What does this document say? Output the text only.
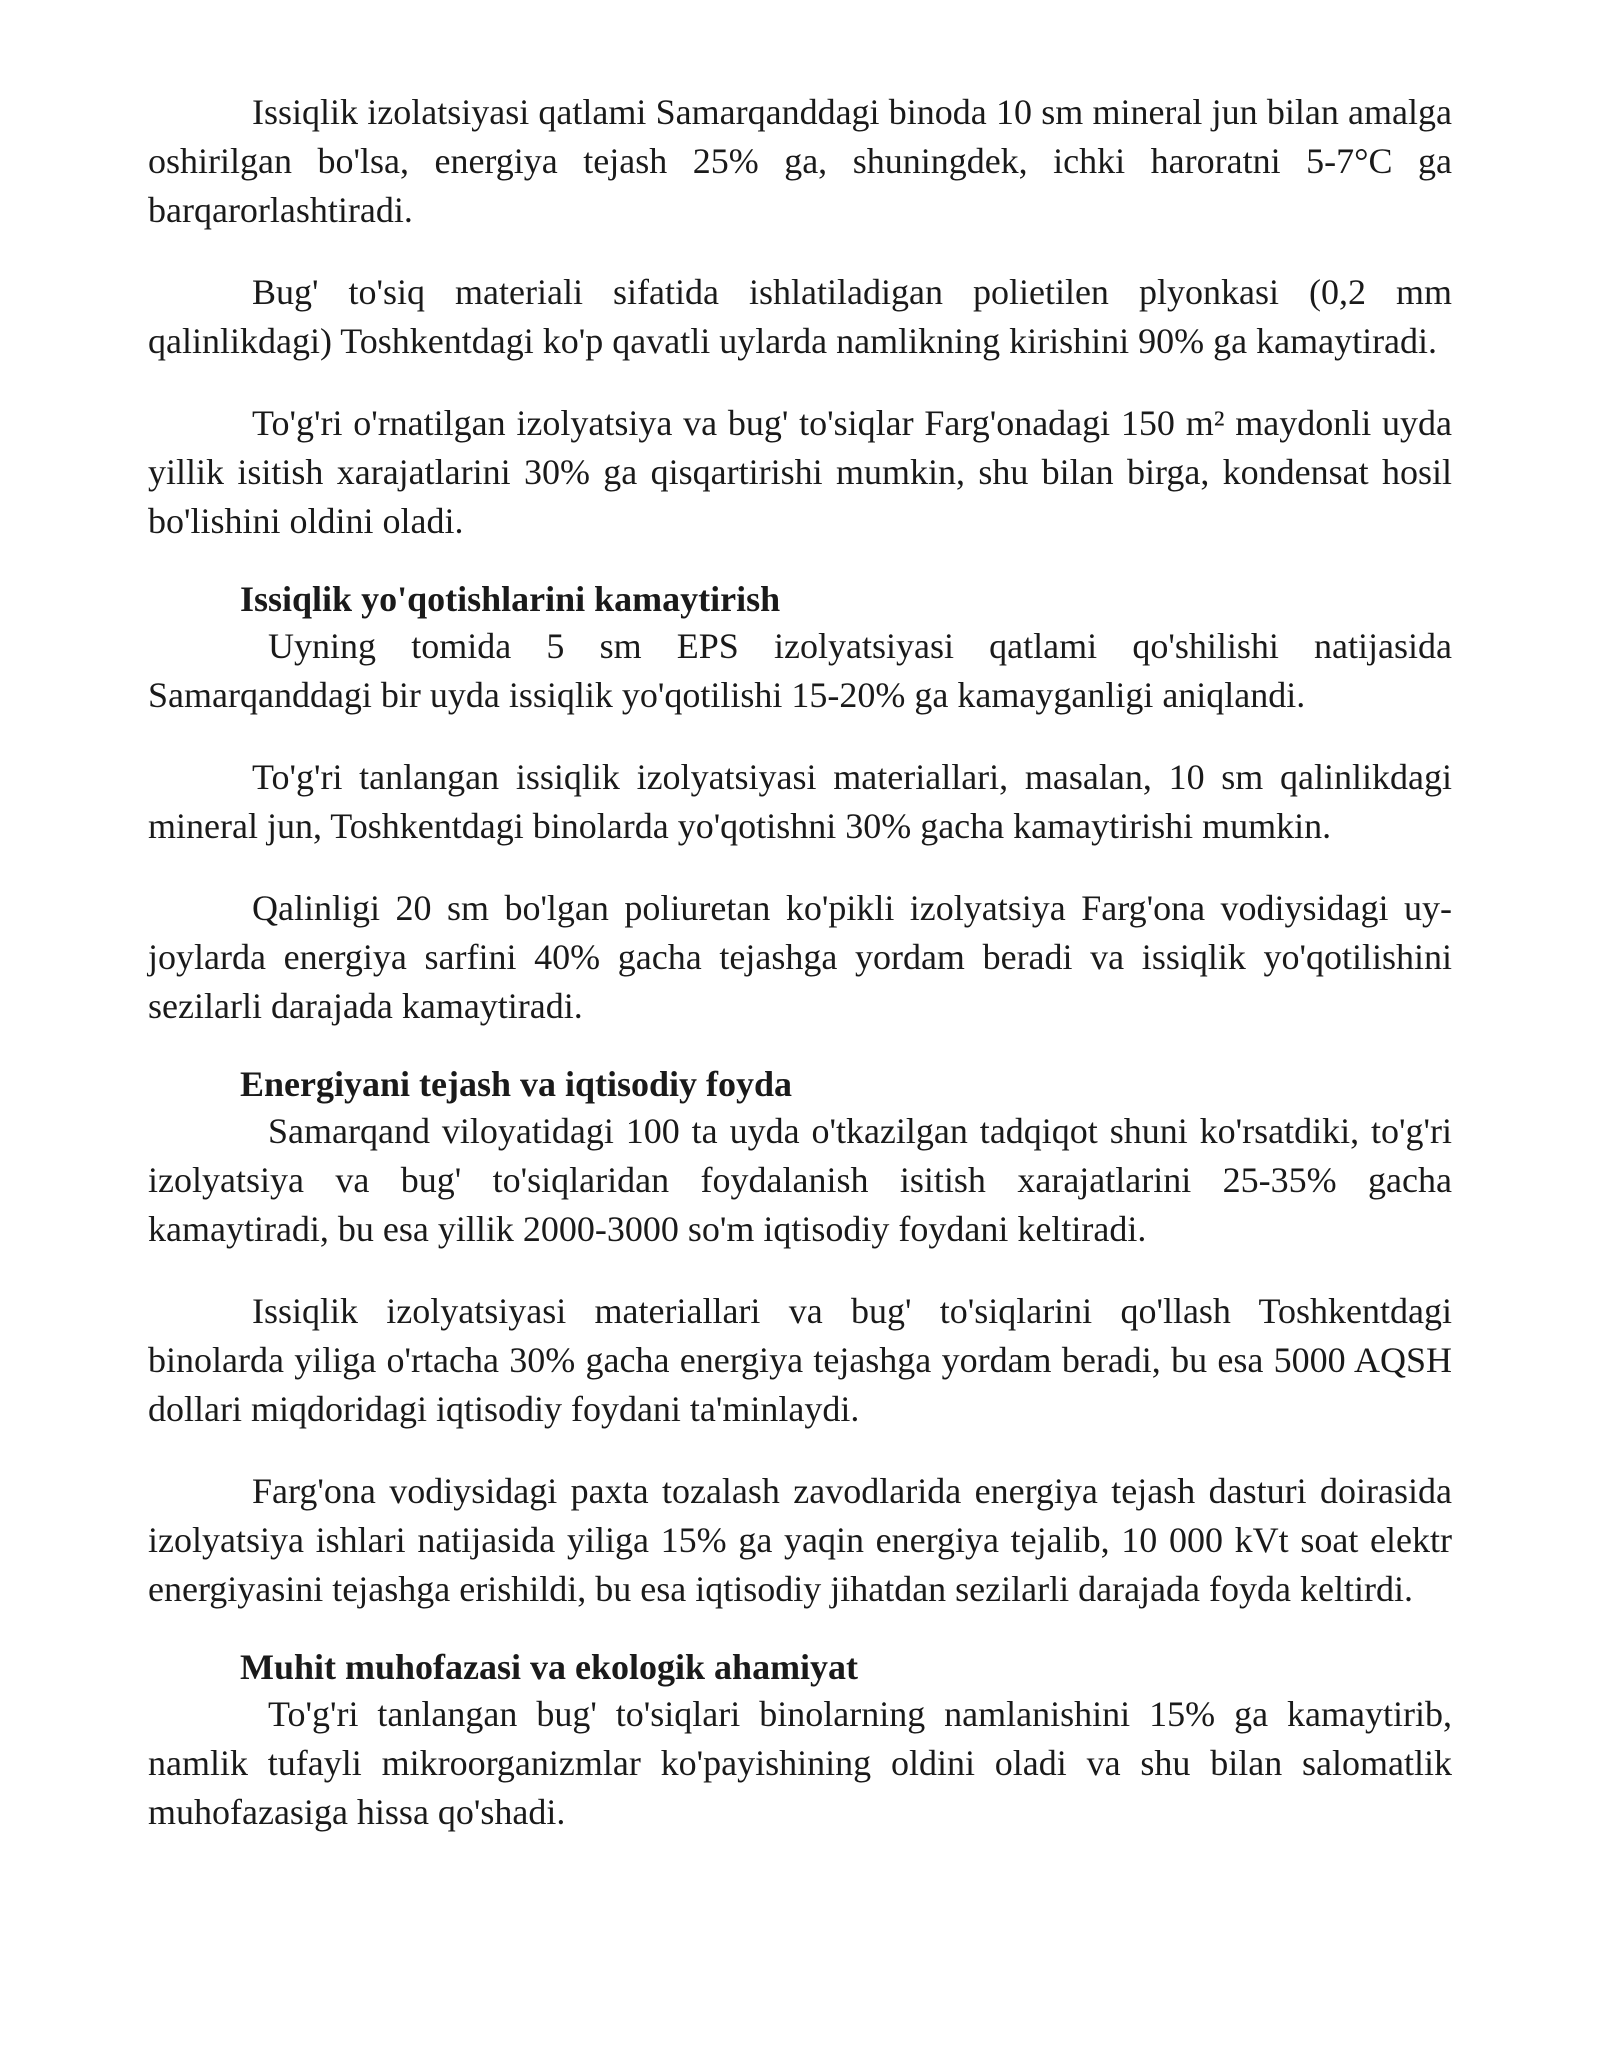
Issiqlik izolatsiyasi qatlami Samarqanddagi binoda 10 sm mineral jun bilan amalga oshirilgan bo'lsa, energiya tejash 25% ga, shuningdek, ichki haroratni 5-7°C ga barqarorlashtiradi.

Bug' to'siq materiali sifatida ishlatiladigan polietilen plyonkasi (0,2 mm qalinlikdagi) Toshkentdagi ko'p qavatli uylarda namlikning kirishini 90% ga kamaytiradi.

To'g'ri o'rnatilgan izolyatsiya va bug' to'siqlar Farg'onadagi 150 m² maydonli uyda yillik isitish xarajatlarini 30% ga qisqartirishi mumkin, shu bilan birga, kondensat hosil bo'lishini oldini oladi.

Issiqlik yo'qotishlarini kamaytirish

Uyning tomida 5 sm EPS izolyatsiyasi qatlami qo'shilishi natijasida Samarqanddagi bir uyda issiqlik yo'qotilishi 15-20% ga kamayganligi aniqlandi.

To'g'ri tanlangan issiqlik izolyatsiyasi materiallari, masalan, 10 sm qalinlikdagi mineral jun, Toshkentdagi binolarda yo'qotishni 30% gacha kamaytirishi mumkin.

Qalinligi 20 sm bo'lgan poliuretan ko'pikli izolyatsiya Farg'ona vodiysidagi uy-joylarda energiya sarfini 40% gacha tejashga yordam beradi va issiqlik yo'qotilishini sezilarli darajada kamaytiradi.

Energiyani tejash va iqtisodiy foyda

Samarqand viloyatidagi 100 ta uyda o'tkazilgan tadqiqot shuni ko'rsatdiki, to'g'ri izolyatsiya va bug' to'siqlaridan foydalanish isitish xarajatlarini 25-35% gacha kamaytiradi, bu esa yillik 2000-3000 so'm iqtisodiy foydani keltiradi.

Issiqlik izolyatsiyasi materiallari va bug' to'siqlarini qo'llash Toshkentdagi binolarda yiliga o'rtacha 30% gacha energiya tejashga yordam beradi, bu esa 5000 AQSH dollari miqdoridagi iqtisodiy foydani ta'minlaydi.

Farg'ona vodiysidagi paxta tozalash zavodlarida energiya tejash dasturi doirasida izolyatsiya ishlari natijasida yiliga 15% ga yaqin energiya tejalib, 10 000 kVt soat elektr energiyasini tejashga erishildi, bu esa iqtisodiy jihatdan sezilarli darajada foyda keltirdi.

Muhit muhofazasi va ekologik ahamiyat

To'g'ri tanlangan bug' to'siqlari binolarning namlanishini 15% ga kamaytirib, namlik tufayli mikroorganizmlar ko'payishining oldini oladi va shu bilan salomatlik muhofazasiga hissa qo'shadi.
